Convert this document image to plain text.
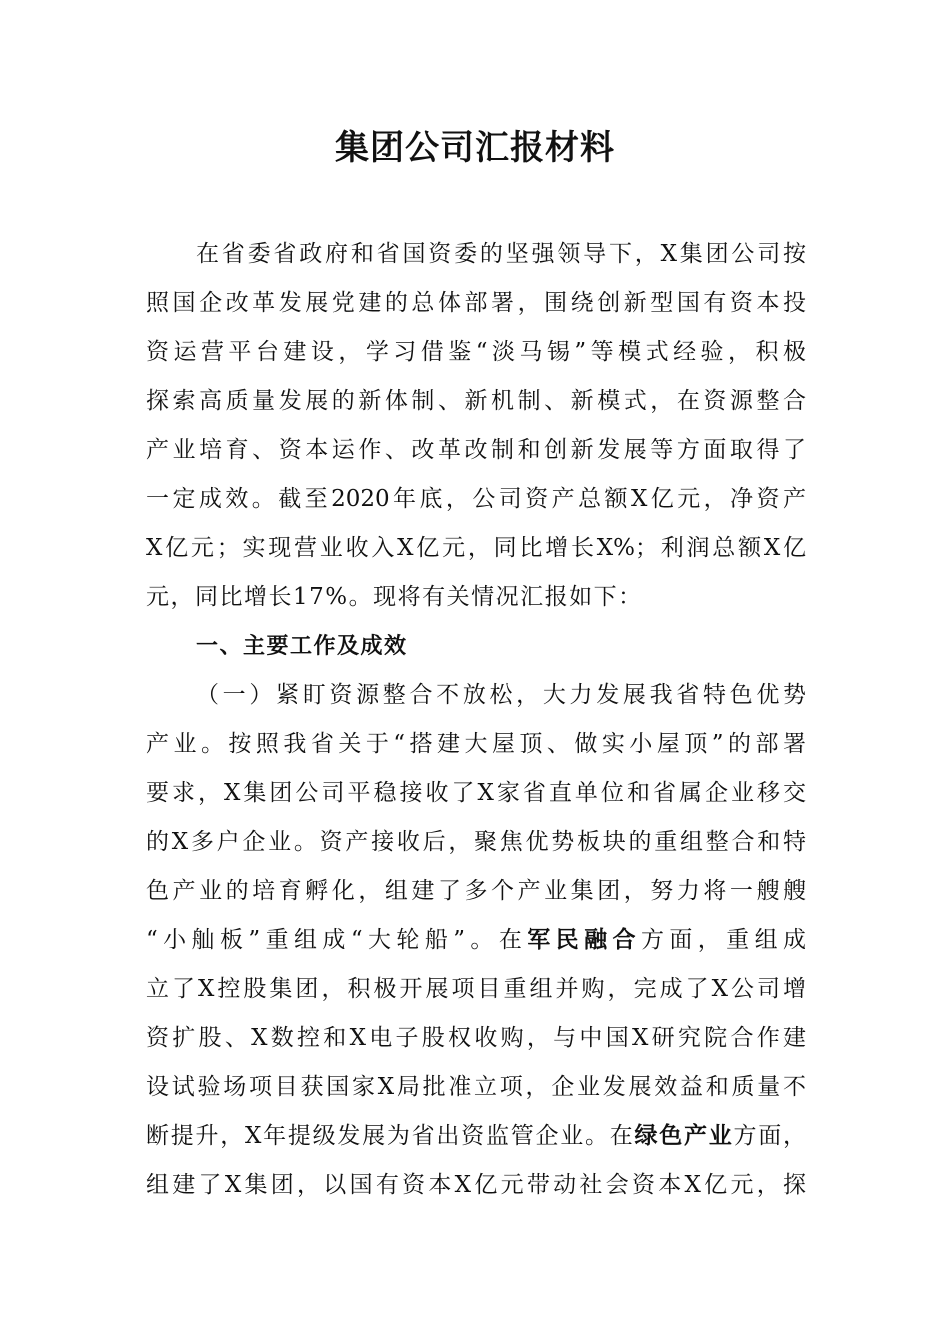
集团公司汇报材料
在省委省政府和省国资委的坚强领导下，X集团公司按
照国企改革发展党建的总体部署，围绕创新型国有资本投
资运营平台建设，学习借鉴“淡马锡”等模式经验，积极
探索高质量发展的新体制、新机制、新模式，在资源整合
产业培育、资本运作、改革改制和创新发展等方面取得了
一定成效。截至2020年底，公司资产总额X亿元，净资产
X亿元；实现营业收入X亿元，同比增长X%；利润总额X亿
元，同比增长17%。现将有关情况汇报如下：
一、主要工作及成效
（一）紧盯资源整合不放松，大力发展我省特色优势
产业。按照我省关于“搭建大屋顶、做实小屋顶”的部署
要求，X集团公司平稳接收了X家省直单位和省属企业移交
的X多户企业。资产接收后，聚焦优势板块的重组整合和特
色产业的培育孵化，组建了多个产业集团，努力将一艘艘
“小舢板”重组成“大轮船”。在军民融合方面，重组成
立了X控股集团，积极开展项目重组并购，完成了X公司增
资扩股、X数控和X电子股权收购，与中国X研究院合作建
设试验场项目获国家X局批准立项，企业发展效益和质量不
断提升，X年提级发展为省出资监管企业。在绿色产业方面，
组建了X集团，以国有资本X亿元带动社会资本X亿元，探
